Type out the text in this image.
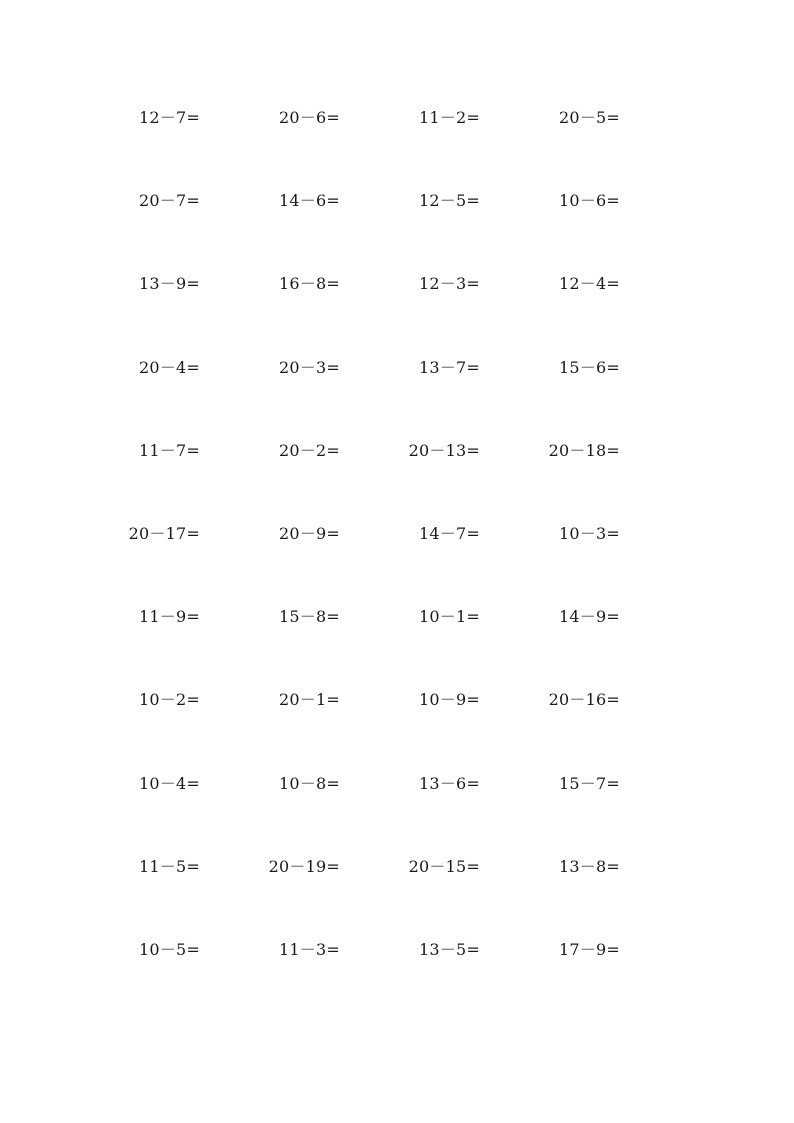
12－7=	20－6=	11－2=	20－5=
20－7=	14－6=	12－5=	10－6=
13－9=	16－8=	12－3=	12－4=
20－4=	20－3=	13－7=	15－6=
11－7=	20－2=	20－13=	20－18=
20－17=	20－9=	14－7=	10－3=
11－9=	15－8=	10－1=	14－9=
10－2=	20－1=	10－9=	20－16=
10－4=	10－8=	13－6=	15－7=
11－5=	20－19=	20－15=	13－8=
10－5=	11－3=	13－5=	17－9=
